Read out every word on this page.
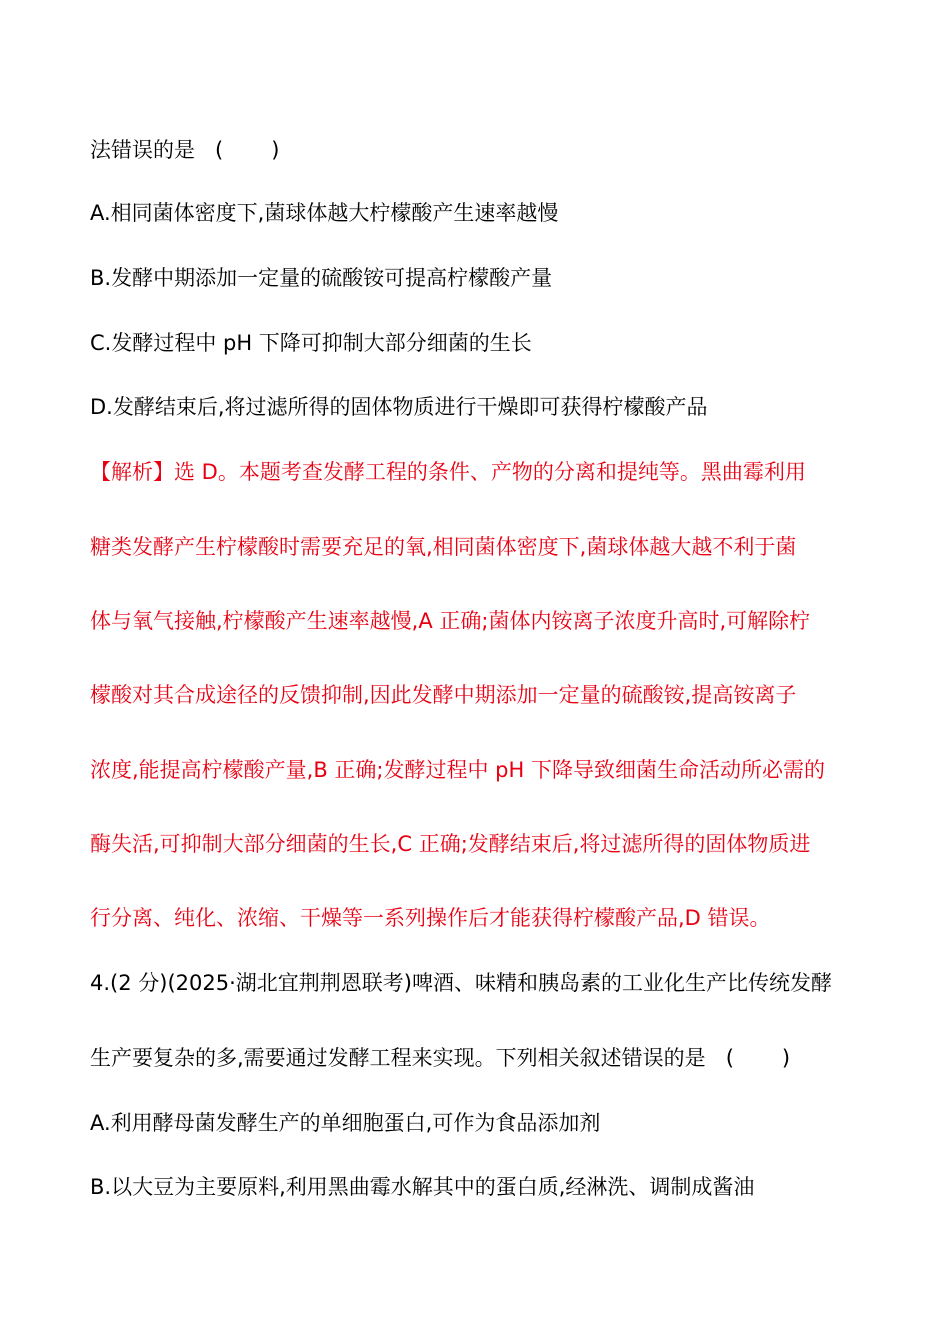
法错误的是 ( )
A.相同菌体密度下,菌球体越大柠檬酸产生速率越慢
B.发酵中期添加一定量的硫酸铵可提高柠檬酸产量
C.发酵过程中 pH 下降可抑制大部分细菌的生长
D.发酵结束后,将过滤所得的固体物质进行干燥即可获得柠檬酸产品
【解析】选 D。本题考查发酵工程的条件、产物的分离和提纯等。黑曲霉利用
糖类发酵产生柠檬酸时需要充足的氧,相同菌体密度下,菌球体越大越不利于菌
体与氧气接触,柠檬酸产生速率越慢,A 正确;菌体内铵离子浓度升高时,可解除柠
檬酸对其合成途径的反馈抑制,因此发酵中期添加一定量的硫酸铵,提高铵离子
浓度,能提高柠檬酸产量,B 正确;发酵过程中 pH 下降导致细菌生命活动所必需的
酶失活,可抑制大部分细菌的生长,C 正确;发酵结束后,将过滤所得的固体物质进
行分离、纯化、浓缩、干燥等一系列操作后才能获得柠檬酸产品,D 错误。
4.(2 分)(2025·湖北宜荆荆恩联考)啤酒、味精和胰岛素的工业化生产比传统发酵
生产要复杂的多,需要通过发酵工程来实现。下列相关叙述错误的是 ( )
A.利用酵母菌发酵生产的单细胞蛋白,可作为食品添加剂
B.以大豆为主要原料,利用黑曲霉水解其中的蛋白质,经淋洗、调制成酱油
